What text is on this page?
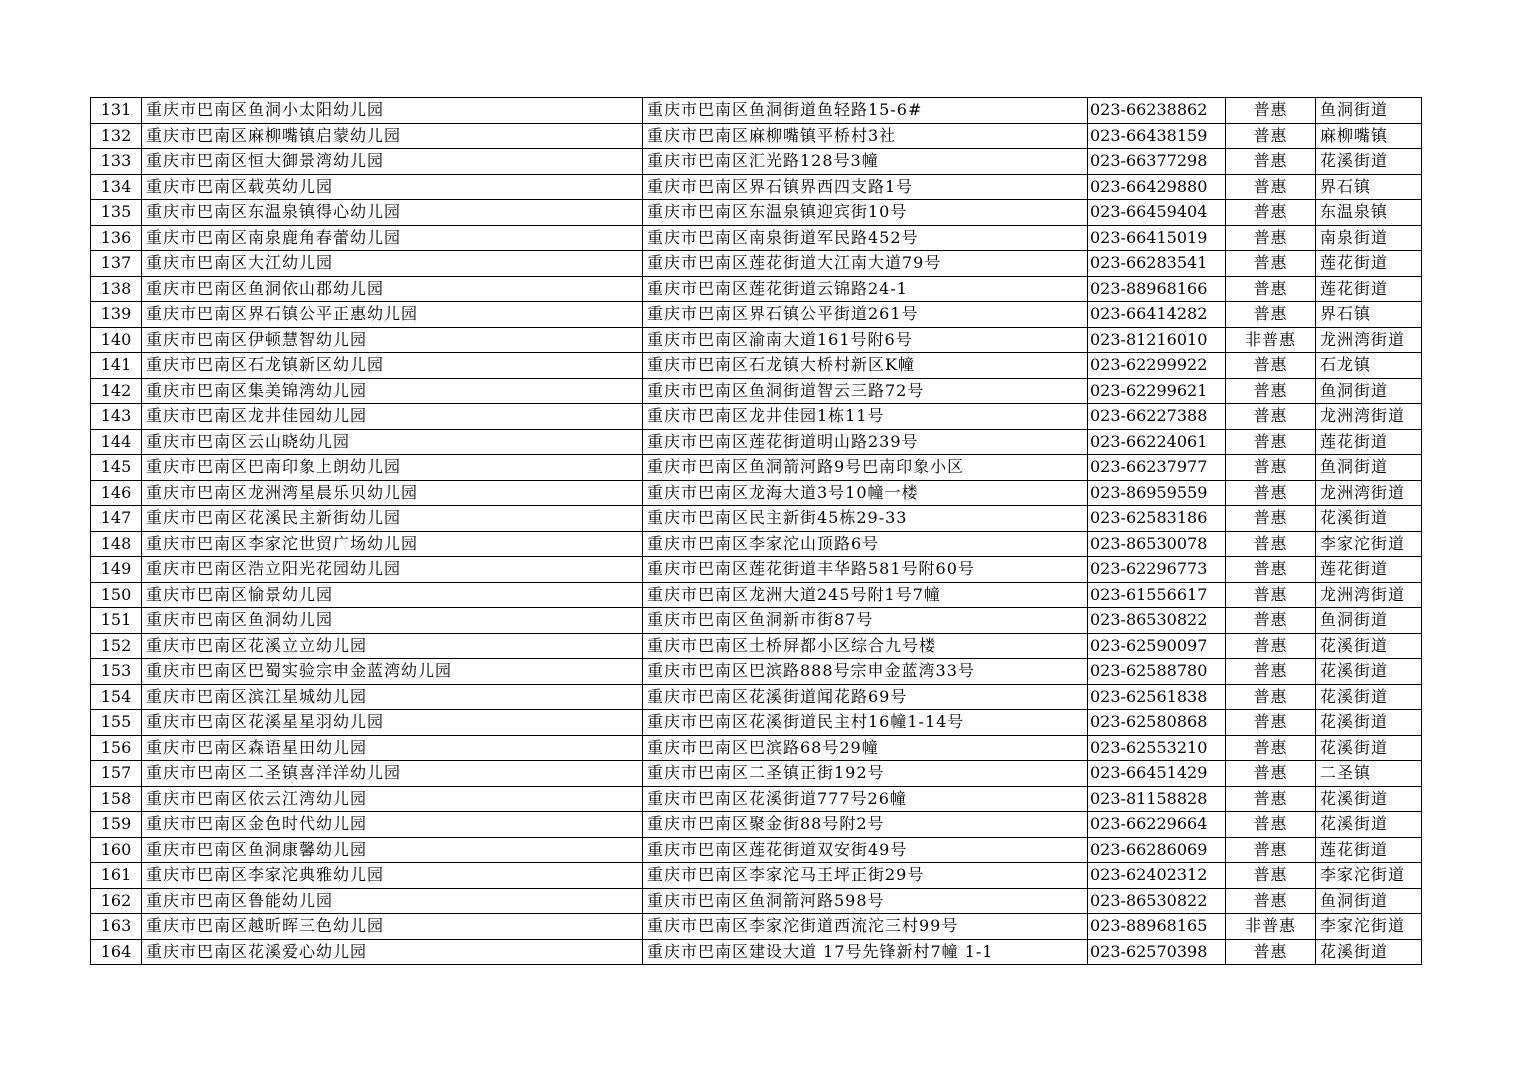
131	重庆市巴南区鱼洞小太阳幼儿园	重庆市巴南区鱼洞街道鱼轻路15-6#	023-66238862	普惠	鱼洞街道
132	重庆市巴南区麻柳嘴镇启蒙幼儿园	重庆市巴南区麻柳嘴镇平桥村3社	023-66438159	普惠	麻柳嘴镇
133	重庆市巴南区恒大御景湾幼儿园	重庆市巴南区汇光路128号3幢	023-66377298	普惠	花溪街道
134	重庆市巴南区载英幼儿园	重庆市巴南区界石镇界西四支路1号	023-66429880	普惠	界石镇
135	重庆市巴南区东温泉镇得心幼儿园	重庆市巴南区东温泉镇迎宾街10号	023-66459404	普惠	东温泉镇
136	重庆市巴南区南泉鹿角春蕾幼儿园	重庆市巴南区南泉街道军民路452号	023-66415019	普惠	南泉街道
137	重庆市巴南区大江幼儿园	重庆市巴南区莲花街道大江南大道79号	023-66283541	普惠	莲花街道
138	重庆市巴南区鱼洞依山郡幼儿园	重庆市巴南区莲花街道云锦路24-1	023-88968166	普惠	莲花街道
139	重庆市巴南区界石镇公平正惠幼儿园	重庆市巴南区界石镇公平街道261号	023-66414282	普惠	界石镇
140	重庆市巴南区伊顿慧智幼儿园	重庆市巴南区渝南大道161号附6号	023-81216010	非普惠	龙洲湾街道
141	重庆市巴南区石龙镇新区幼儿园	重庆市巴南区石龙镇大桥村新区K幢	023-62299922	普惠	石龙镇
142	重庆市巴南区集美锦湾幼儿园	重庆市巴南区鱼洞街道智云三路72号	023-62299621	普惠	鱼洞街道
143	重庆市巴南区龙井佳园幼儿园	重庆市巴南区龙井佳园1栋11号	023-66227388	普惠	龙洲湾街道
144	重庆市巴南区云山晓幼儿园	重庆市巴南区莲花街道明山路239号	023-66224061	普惠	莲花街道
145	重庆市巴南区巴南印象上朗幼儿园	重庆市巴南区鱼洞箭河路9号巴南印象小区	023-66237977	普惠	鱼洞街道
146	重庆市巴南区龙洲湾星晨乐贝幼儿园	重庆市巴南区龙海大道3号10幢一楼	023-86959559	普惠	龙洲湾街道
147	重庆市巴南区花溪民主新街幼儿园	重庆市巴南区民主新街45栋29-33	023-62583186	普惠	花溪街道
148	重庆市巴南区李家沱世贸广场幼儿园	重庆市巴南区李家沱山顶路6号	023-86530078	普惠	李家沱街道
149	重庆市巴南区浩立阳光花园幼儿园	重庆市巴南区莲花街道丰华路581号附60号	023-62296773	普惠	莲花街道
150	重庆市巴南区愉景幼儿园	重庆市巴南区龙洲大道245号附1号7幢	023-61556617	普惠	龙洲湾街道
151	重庆市巴南区鱼洞幼儿园	重庆市巴南区鱼洞新市街87号	023-86530822	普惠	鱼洞街道
152	重庆市巴南区花溪立立幼儿园	重庆市巴南区土桥屏都小区综合九号楼	023-62590097	普惠	花溪街道
153	重庆市巴南区巴蜀实验宗申金蓝湾幼儿园	重庆市巴南区巴滨路888号宗申金蓝湾33号	023-62588780	普惠	花溪街道
154	重庆市巴南区滨江星城幼儿园	重庆市巴南区花溪街道闻花路69号	023-62561838	普惠	花溪街道
155	重庆市巴南区花溪星星羽幼儿园	重庆市巴南区花溪街道民主村16幢1-14号	023-62580868	普惠	花溪街道
156	重庆市巴南区森语星田幼儿园	重庆市巴南区巴滨路68号29幢	023-62553210	普惠	花溪街道
157	重庆市巴南区二圣镇喜洋洋幼儿园	重庆市巴南区二圣镇正街192号	023-66451429	普惠	二圣镇
158	重庆市巴南区依云江湾幼儿园	重庆市巴南区花溪街道777号26幢	023-81158828	普惠	花溪街道
159	重庆市巴南区金色时代幼儿园	重庆市巴南区聚金街88号附2号	023-66229664	普惠	花溪街道
160	重庆市巴南区鱼洞康馨幼儿园	重庆市巴南区莲花街道双安街49号	023-66286069	普惠	莲花街道
161	重庆市巴南区李家沱典雅幼儿园	重庆市巴南区李家沱马王坪正街29号	023-62402312	普惠	李家沱街道
162	重庆市巴南区鲁能幼儿园	重庆市巴南区鱼洞箭河路598号	023-86530822	普惠	鱼洞街道
163	重庆市巴南区越昕晖三色幼儿园	重庆市巴南区李家沱街道西流沱三村99号	023-88968165	非普惠	李家沱街道
164	重庆市巴南区花溪爱心幼儿园	重庆市巴南区建设大道 17号先锋新村7幢 1-1	023-62570398	普惠	花溪街道
